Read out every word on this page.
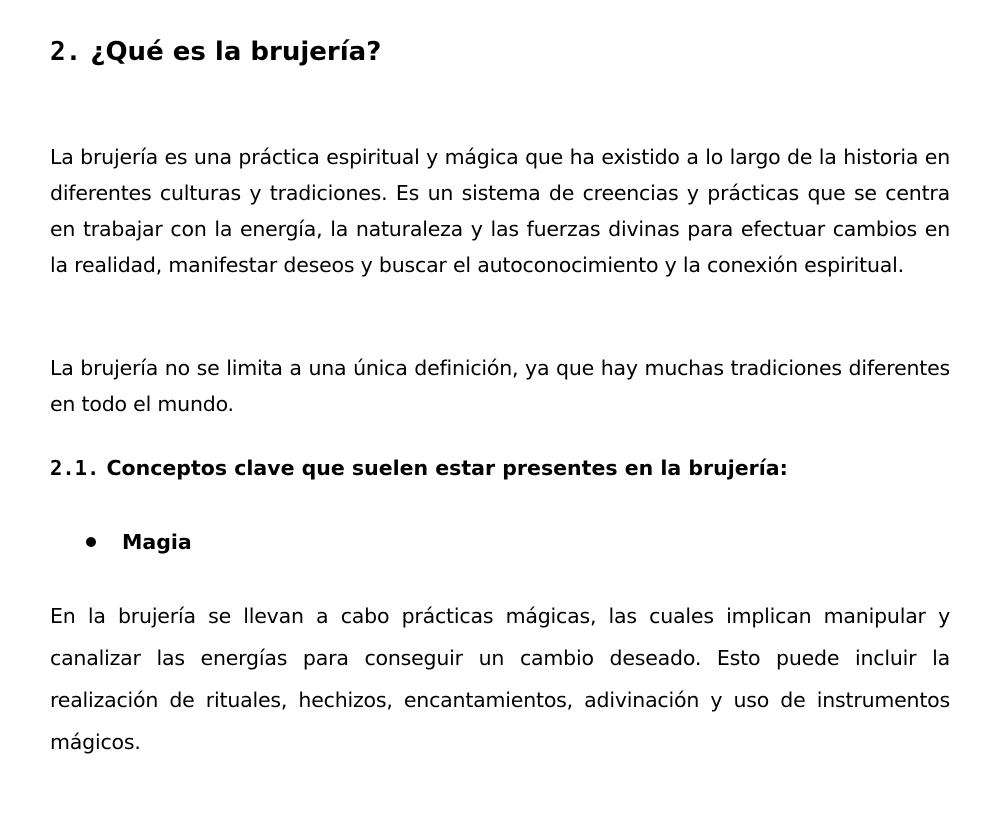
2. ¿Qué es la brujería?

La brujería es una práctica espiritual y mágica que ha existido a lo largo de la historia en diferentes culturas y tradiciones. Es un sistema de creencias y prácticas que se centra en trabajar con la energía, la naturaleza y las fuerzas divinas para efectuar cambios en la realidad, manifestar deseos y buscar el autoconocimiento y la conexión espiritual.

La brujería no se limita a una única definición, ya que hay muchas tradiciones diferentes en todo el mundo.

2.1. Conceptos clave que suelen estar presentes en la brujería:
Magia

En la brujería se llevan a cabo prácticas mágicas, las cuales implican manipular y canalizar las energías para conseguir un cambio deseado. Esto puede incluir la realización de rituales, hechizos, encantamientos, adivinación y uso de instrumentos mágicos.
